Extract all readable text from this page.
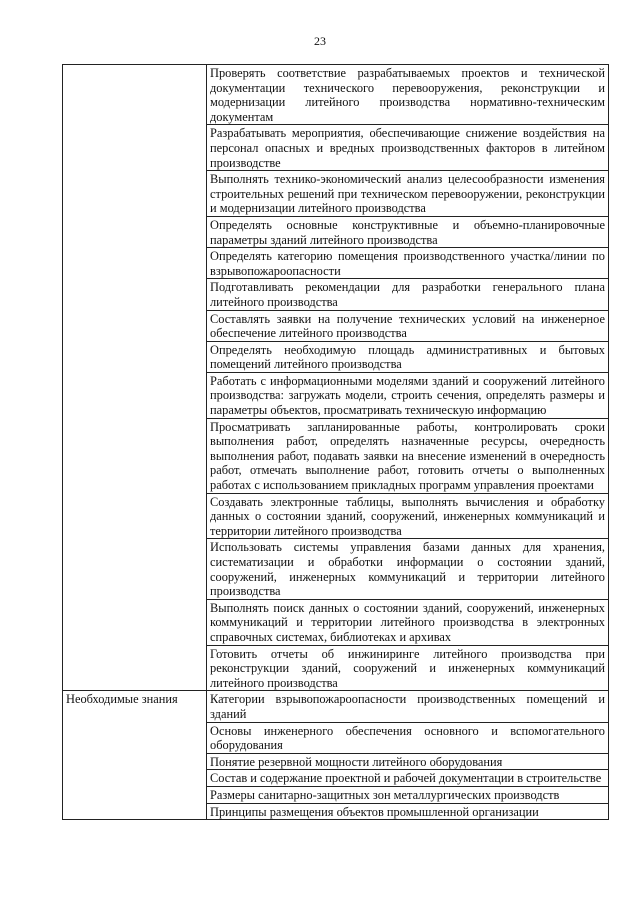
23
	Проверять соответствие разрабатываемых проектов и технической документации технического перевооружения, реконструкции и модернизации литейного производства нормативно-техническим документам
	Разрабатывать мероприятия, обеспечивающие снижение воздействия на персонал опасных и вредных производственных факторов в литейном производстве
	Выполнять технико-экономический анализ целесообразности изменения строительных решений при техническом перевооружении, реконструкции и модернизации литейного производства
	Определять основные конструктивные и объемно-планировочные параметры зданий литейного производства
	Определять категорию помещения производственного участка/линии по взрывопожароопасности
	Подготавливать рекомендации для разработки генерального плана литейного производства
	Составлять заявки на получение технических условий на инженерное обеспечение литейного производства
	Определять необходимую площадь административных и бытовых помещений литейного производства
	Работать с информационными моделями зданий и сооружений литейного производства: загружать модели, строить сечения, определять размеры и параметры объектов, просматривать техническую информацию
	Просматривать запланированные работы, контролировать сроки выполнения работ, определять назначенные ресурсы, очередность выполнения работ, подавать заявки на внесение изменений в очередность работ, отмечать выполнение работ, готовить отчеты о выполненных работах с использованием прикладных программ управления проектами
	Создавать электронные таблицы, выполнять вычисления и обработку данных о состоянии зданий, сооружений, инженерных коммуникаций и территории литейного производства
	Использовать системы управления базами данных для хранения, систематизации и обработки информации о состоянии зданий, сооружений, инженерных коммуникаций и территории литейного производства
	Выполнять поиск данных о состоянии зданий, сооружений, инженерных коммуникаций и территории литейного производства в электронных справочных системах, библиотеках и архивах
	Готовить отчеты об инжиниринге литейного производства при реконструкции зданий, сооружений и инженерных коммуникаций литейного производства
Необходимые знания	Категории взрывопожароопасности производственных помещений и зданий
	Основы инженерного обеспечения основного и вспомогательного оборудования
	Понятие резервной мощности литейного оборудования
	Состав и содержание проектной и рабочей документации в строительстве
	Размеры санитарно-защитных зон металлургических производств
	Принципы размещения объектов промышленной организации
